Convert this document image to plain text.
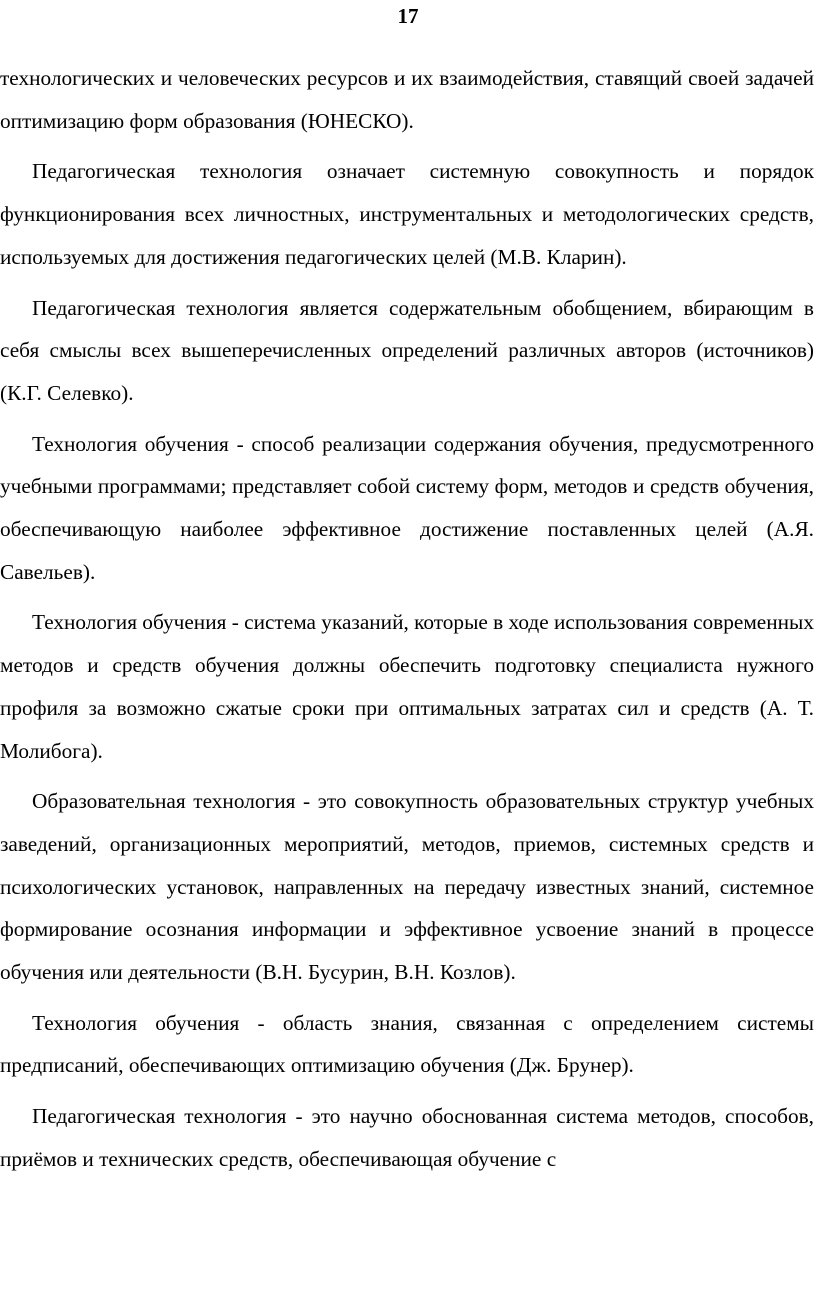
17

технологических и человеческих ресурсов и их взаимодействия, ставящий своей задачей оптимизацию форм образования (ЮНЕСКО).

Педагогическая технология означает системную совокупность и порядок функционирования всех личностных, инструментальных и методологических средств, используемых для достижения педагогических целей (М.В. Кларин).

Педагогическая технология является содержательным обобщением, вбирающим в себя смыслы всех вышеперечисленных определений различных авторов (источников) (К.Г. Селевко).

Технология обучения - способ реализации содержания обучения, предусмотренного учебными программами; представляет собой систему форм, методов и средств обучения, обеспечивающую наиболее эффективное достижение поставленных целей (А.Я. Савельев).

Технология обучения - система указаний, которые в ходе использования современных методов и средств обучения должны обеспечить подготовку специалиста нужного профиля за возможно сжатые сроки при оптимальных затратах сил и средств (А. Т. Молибога).

Образовательная технология - это совокупность образовательных структур учебных заведений, организационных мероприятий, методов, приемов, системных средств и психологических установок, направленных на передачу известных знаний, системное формирование осознания информации и эффективное усвоение знаний в процессе обучения или деятельности (В.Н. Бусурин, В.Н. Козлов).

Технология обучения - область знания, связанная с определением системы предписаний, обеспечивающих оптимизацию обучения (Дж. Брунер).

Педагогическая технология - это научно обоснованная система методов, способов, приёмов и технических средств, обеспечивающая обучение с
